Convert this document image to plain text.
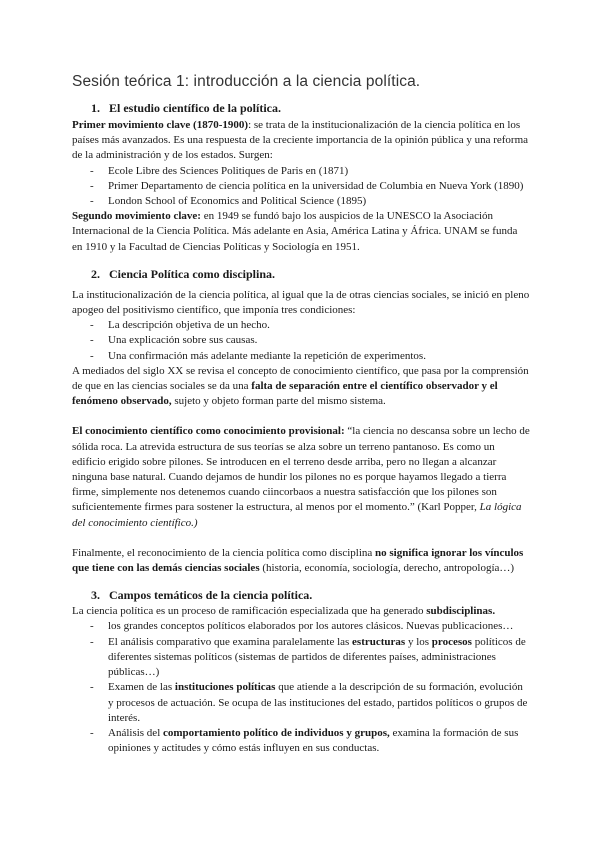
Sesión teórica 1: introducción a la ciencia política.
1. El estudio científico de la política.

Primer movimiento clave (1870-1900): se trata de la institucionalización de la ciencia política en los países más avanzados. Es una respuesta de la creciente importancia de la opinión pública y una reforma de la administración y de los estados. Surgen:

- Ecole Libre des Sciences Politiques de Paris en (1871)
- Primer Departamento de ciencia política en la universidad de Columbia en Nueva York (1890)
- London School of Economics and Political Science (1895)

Segundo movimiento clave: en 1949 se fundó bajo los auspicios de la UNESCO la Asociación Internacional de la Ciencia Política. Más adelante en Asia, América Latina y África. UNAM se funda en 1910 y la Facultad de Ciencias Políticas y Sociología en 1951.

2. Ciencia Política como disciplina.

La institucionalización de la ciencia política, al igual que la de otras ciencias sociales, se inició en pleno apogeo del positivismo científico, que imponía tres condiciones:

- La descripción objetiva de un hecho.
- Una explicación sobre sus causas.
- Una confirmación más adelante mediante la repetición de experimentos.

A mediados del siglo XX se revisa el concepto de conocimiento científico, que pasa por la comprensión de que en las ciencias sociales se da una falta de separación entre el científico observador y el fenómeno observado, sujeto y objeto forman parte del mismo sistema.

El conocimiento científico como conocimiento provisional: “la ciencia no descansa sobre un lecho de sólida roca. La atrevida estructura de sus teorías se alza sobre un terreno pantanoso. Es como un edificio erigido sobre pilones. Se introducen en el terreno desde arriba, pero no llegan a alcanzar ninguna base natural. Cuando dejamos de hundir los pilones no es porque hayamos llegado a tierra firme, simplemente nos detenemos cuando ciincorbaos a nuestra satisfacción que los pilones son suficientemente firmes para sostener la estructura, al menos por el momento.” (Karl Popper, La lógica del conocimiento científico.)

Finalmente, el reconocimiento de la ciencia política como disciplina no significa ignorar los vínculos que tiene con las demás ciencias sociales (historia, economía, sociología, derecho, antropología…)

3. Campos temáticos de la ciencia política.

La ciencia política es un proceso de ramificación especializada que ha generado subdisciplinas.

- los grandes conceptos políticos elaborados por los autores clásicos. Nuevas publicaciones…
- El análisis comparativo que examina paralelamente las estructuras y los procesos políticos de diferentes sistemas políticos (sistemas de partidos de diferentes países, administraciones públicas…)
- Examen de las instituciones políticas que atiende a la descripción de su formación, evolución y procesos de actuación. Se ocupa de las instituciones del estado, partidos políticos o grupos de interés.
- Análisis del comportamiento político de individuos y grupos, examina la formación de sus opiniones y actitudes y cómo estás influyen en sus conductas.
